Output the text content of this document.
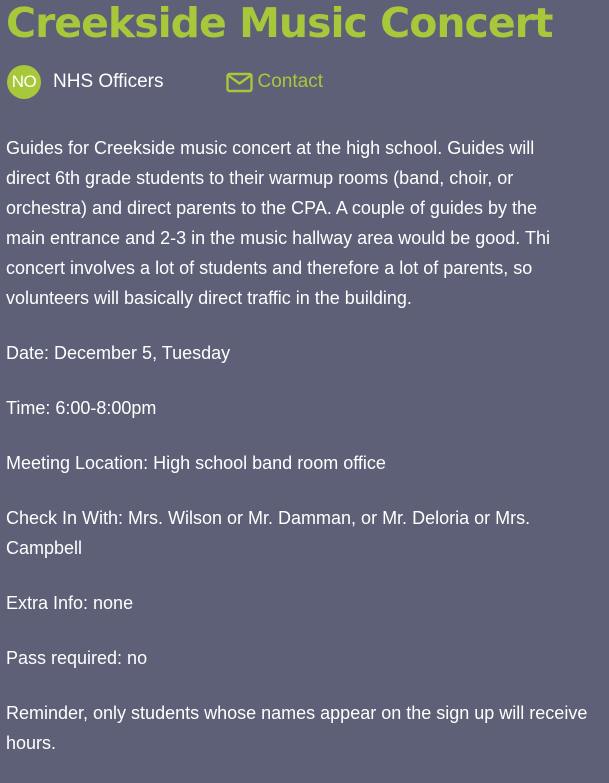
Creekside Music Concert
NO NHS Officers	Contact

Guides for Creekside music concert at the high school. Guides will
direct 6th grade students to their warmup rooms (band, choir, or
orchestra) and direct parents to the CPA. A couple of guides by the
main entrance and 2-3 in the music hallway area would be good. Thi
concert involves a lot of students and therefore a lot of parents, so
volunteers will basically direct traffic in the building.

Date: December 5, Tuesday

Time: 6:00-8:00pm

Meeting Location: High school band room office

Check In With: Mrs. Wilson or Mr. Damman, or Mr. Deloria or Mrs. Campbell

Extra Info: none

Pass required: no

Reminder, only students whose names appear on the sign up will receive hours.
